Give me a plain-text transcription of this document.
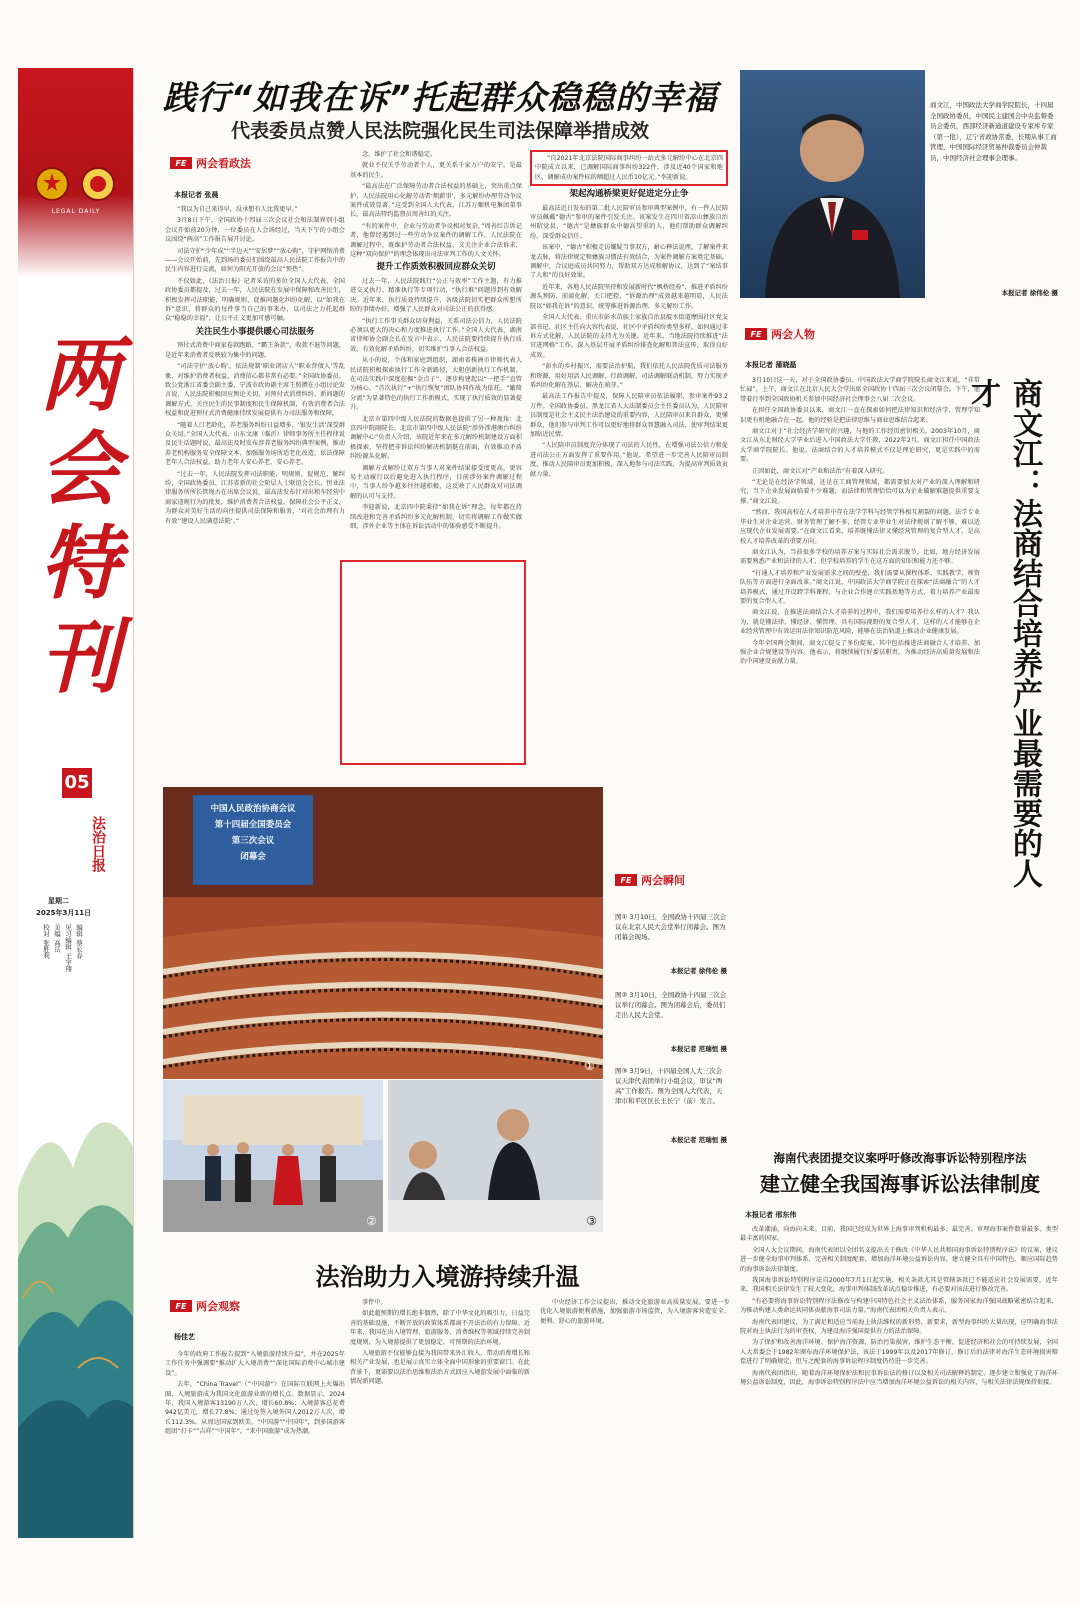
LEGAL DAILY
两
会
特
刊
05
法治日报
星期二
2025年3月11日
编辑 蔡长春
见习编辑 王宇翔
美编 高岳
校对 张胜利
践行“如我在诉”托起群众稳稳的幸福
代表委员点赞人民法院强化民生司法保障举措成效
FE 两会看政法
本报记者 张晨

“我以为自己来得早，没承想有人比我更早。”

3月8日下午，全国政协十四届三次会议社会和法制界别小组会议开始前20分钟，一位委员在人会场经过，当天下午的小组会议围绕“两高”工作报告展开讨论。

司法守护“少年成”“半边天”“安居梦”“放心购”，守护网络消费——会议开始前，先到场的委员们围绕最高人民法院工作报告中的民生内容进行交流，如何为阳光开放的会议“预热”。

不仅如此，《法治日报》记者采访的多位全国人大代表、全国政协委员都提及，过去一年，人民法院在发展中保障和改善民生，积极发挥司法职能，明确规则、促推问题化纠纷化解，以“如我在诉”意识，将群众的每件事当自己的事来办，以司法之力托起群众“稳稳的幸福”，让公平正义更加可感可触。

关注民生小事提供暖心司法服务

预付式消费中商家卷款跑路、“霸王条款”，收款不退等问题，是近年来消费者反映较为集中的问题。

“司法守护‘放心购’，依法规制‘职业闭店人’‘职业背债人’等乱象，对维护消费者权益，消费信心都非常有必要。”全国政协委员、致公党浙江省委会副主委、宁波市政协副主席王照撰在小组讨论发言说，人民法院积极回应舆论关切，对预付式消费纠纷、新问题的调解方式，关注民生的民事制度和民生保障机制，有效消费者合法权益和促进预付式消费健康持续发展提供有力司法服务和保障。

“随着人口老龄化，养老服务纠纷日益增多，‘银发生活’深受群众关切。”全国人大代表、山东文康（临沂）律师事务所主任程律说及民生话题时说，最高法及时发布涉养老服务纠纷典型案例，推动养老机构服务安全保障文本，加强服务场所适老化改造，依法保障老年人合法权益，助力老年人安心养老、安心养老。

“过去一年，人民法院发挥司法职能，明规则、促规范、解纠纷，全国政协委员、江苏省新的社会阶层人士联谊会会长，恒业法律服务所所长管绳古在出席会议说，最高法发布针对出租车经营中商家违规行为的批复，维护消费者合法权益，保障社会公平正义，为群众对美好生活的向往提供司法保障和服务，‘对社会治理有力有效’‘建设人民满意法院’。”

念，维护了社会和谐稳定。

就业不仅关乎劳动者个人，更关系千家万户的安宁，是最基本的民生。

“最高法在广泛保障劳动者合法权益的基础上，突出重点保护，人民法院用心化解劳动者‘烦薪事’，多元解纷办理劳动争议案件成效显著。”这受到全国人大代表，江苏万顺机电集团董事长，最高法特约监督员周善红的关注。

“有的案件中，企业与劳动者争议相对复杂，”周善红告诉记者，他曾经遇到过一些劳动争议案件的调解工作，人民法院在调解过程中，既维护劳动者合法权益，又关注企业合法诉求，这种“双向保护”的理念体现出司法审判工作的人文关怀。

提升工作质效积极回应群众关切

过去一年，人民法院践行“公正与效率”工作主题，有力推进交叉执行、精准执行等专项行动，“执行难”问题得到有效解决。近年来，执行质效持续提升，各级法院切实把群众所想所盼的事情办好，增强了人民群众对司法公正的获得感。

“执行工作事关群众切身利益，关系司法公信力，人民法院必须以更大的决心和力度推进执行工作。”全国人大代表、湖南省律师协会副会长在发言中表示，人民法院要持续提升执行质效，有效化解矛盾纠纷，切实维护当事人合法权益。

从小的说，个体和家庭到组织，湖南省株洲市律师代表人民法院积极探索执行工作全新路径，大胆创新执行工作机制，在司法实践中深度挖掘“金点子”，逐步构建起以“一把手”直管为核心，“首次执行”+“执行恢复”团队协同作战为依托，“繁简分流”为显著特色的执行工作新模式，实现了执行质效的显著提升。

北京市第四中级人民法院的数据也提供了另一种视角：北京四中院副院长、北京市第四中级人民法院“涉外涉港澳台纠纷调解中心”负责人介绍，该院近年来在多元解纷机制建设方面积极探索，坚持把非诉讼纠纷解决机制挺在前面，有效推动矛盾纠纷源头化解。

调解方式解纷让双方当事人对案件结果接受度更高，更容易主动履行以后避免进入执行程序，目前涉外案件调解过程中，当事人纷争越多往往越积极，这反映了人民群众对司法调解的认可与支持。

李迎新说，北京四中院秉持“如我在诉”理念，每年都在持续改进和完善矛盾纠纷多元化解机制，切实将调解工作做实做细，涉外企业等主体在诉讼活动中的体验感受不断提升。

“自2021年北京法院国际商事纠纷一站式多元解纷中心在北京四中院成立以来，已调解国际商事纠纷322件，涉及近40个国家和地区，调解成功案件标的额超过人民币10亿元。”李迎新说。

架起沟通桥梁更好促进定分止争

最高法近日发布的第二批人民陪审员参审典型案例中，有一件人民陪审员佩戴“德古”参审的案件引发关注。该案发生在四川省凉山彝族自治州昭觉县，“德古”是彝族群众中德高望重的人，他们帮助群众调解纠纷，深受群众信任。

该案中，“德古”积极走访嫌疑当事双方，耐心释法说理，了解案件来龙去脉，将法律规定和彝族习惯法有效结合，为案件调解方案奠定基础。调解中，合议庭成员共同努力，帮助双方达成和解协议，达到了“案结事了人和”的良好效果。

近年来，各地人民法院坚持和发展新时代“枫桥经验”，推进矛盾纠纷源头预防、前端化解、关口把控，“诉源治理”成效越来越明显，人民法院以“如我在诉”的意识，统筹推进诉源治理、多元解纷工作。

全国人大代表、重庆市彭水苗族土家族自治县靛水街道摩围社区党支部书记、社区主任向大容代表说，社区中矛盾纠纷类型多样，如何通过非诉方式化解，人民法院的支持尤为关键。近年来，当地法院持续推进“法官进网格”工作，深入基层开展矛盾纠纷排查化解和普法宣传，取得良好成效。

“彭水的乡村振兴，需要法治护航，我们依托人民法院优质司法服务和资源，用好用活人民调解、行政调解、司法调解联动机制，努力实现矛盾纠纷化解在基层、解决在萌芽。”

最高法工作报告中提及，保障人民陪审员依法履职，参审案件93.2万件。全国政协委员、黑龙江省人大法制委员会主任委员认为，人民陪审员制度是社会主义民主法治建设的重要内容，人民陪审员来自群众，更懂群众，他们参与审判工作可以更好地将群众智慧融入司法，使审判结果更加贴近民情。

“人民陪审员制度充分体现了司法的人民性，在增强司法公信力和促进司法公正方面发挥了重要作用。”他说，希望进一步完善人民陪审员制度，推动人民陪审员更加积极、深入地参与司法实践，为提高审判质效贡献力量。

商文江，中国政法大学商学院院长，十四届全国政协委员，中国民主建国会中央监督委员会委员，西部经济新通道建设专家库专家（第一批），辽宁省政协常委，长期从事工商管理，中国国际经济贸易仲裁委员会仲裁员，中国经济社会理事会理事。
本报记者 徐伟伦 摄
FE 两会人物
本报记者 蒲晓磊

3月10日这一天，对于全国政协委员、中国政法大学商学院院长商文江来说，“非常忙碌”。上午，商文江在北京人民大会堂出席全国政协十四届三次会议闭幕会，下午，他带着行李到全国政协机关参加中国经济社会理事会八届二次会议。

在担任全国政协委员以来，商文江一直在探索如何把法律知识和经济学、管理学知识更有机地融合在一起，他的经验是把法律思维与商业思维结合起来。

商文江对于“社会经济学研究的兴趣，与他的工作经历密切相关。2003年10月，商文江从东北财经大学毕业后进入中国政法大学任教，2022年2月，商文江担任中国政法大学商学院院长。他说，法商结合的人才培养模式不仅是理论研究，更是实践中的需要。

正因如此，商文江对“产业和法治”有着深入研究。

“无论是在经济学领域，还是在工商管理领域，都需要加大对产业的深入理解和研究，当下企业发展面临着不少难题，而法律和管理恰恰可以为企业破解难题提供重要支撑。”商文江说。

“然而，我国高校在人才培养中存在法学学科与经管学科相互割裂的问题，法学专业毕业生对企业运营、财务管理了解不多，经管专业毕业生对法律规则了解不够，难以适应现代企业发展需要。”在商文江看来，培养既懂法律又懂经营管理的复合型人才，是高校人才培养改革的重要方向。

商文江认为，当前很多学校的培养方案与实际社会需求脱节，比如，地方经济发展需要熟悉产业和法律的人才，但学校培养的学生在这方面的知识和能力还不够。

“打通人才培养和产业发展需求之间的壁垒，我们需要从课程体系、实践教学、师资队伍等方面进行全面改革。”商文江说，中国政法大学商学院正在探索“法商融合”的人才培养模式，通过开设跨学科课程、与企业合作建立实践基地等方式，着力培养产业最需要的复合型人才。

商文江说，在推进法商结合人才培养的过程中，我们需要培养什么样的人才？我认为，就是懂法律、懂经济、懂管理、具有国际视野的复合型人才。这样的人才能够在企业经营管理中有效运用法律知识防范风险，能够在法治轨道上推动企业健康发展。

今年全国两会期间，商文江提交了多份提案，其中包括推进法商融合人才培养、加强企业合规建设等内容。他表示，将继续履行好委员职责，为推动经济高质量发展和法治中国建设贡献力量。	商文江：法商结合培养产业最需要的人才
海南代表团提交议案呼吁修改海事诉讼特别程序法
建立健全我国海事诉讼法律制度
本报记者 邢东伟

改革潮涌，向海向未来。目前，我国已经成为世界上海事审判机构最多、最完善、审理海事案件数量最多、类型最丰富的国家。

全国人大会议期间，海南代表团以全团名义提出关于修改《中华人民共和国海事诉讼特别程序法》的议案，建议进一步健全海事审判体系，完善相关制度配套，增加海洋环境公益诉讼内容，建立健全具有中国特色、顺应国际趋势的海事诉讼法律制度。

我国海事诉讼特别程序法自2000年7月1日起实施，相关条款尤其是管辖条款已不能适应社会发展需要，近年来，我国相关法律发生了较大变化，海事审判体制改革试点稳步推进，有必要对该法进行修改完善。

“有必要将海事诉讼特别程序法修改与构建中国特色社会主义法治体系，服务国家海洋强国战略紧密结合起来，为推动构建人类命运共同体贡献海事司法力量。”海南代表团相关负责人表示。

海南代表团建议，为了满足和适应当前海上执法维权的新形势、新要求，新型海事纠纷大量出现，应明确海事法院对海上执法行为的审查权，为建设海洋强国提供有力的法治保障。

为了保护和改善海洋环境、保护海洋资源，防治污染损害，维护生态平衡，促进经济和社会的可持续发展，全国人大常委会于1982年颁布海洋环境保护法，该法于1999年以及2017年修订，修订后的法律对海洋生态环境损害赔偿进行了明确规定，但与之配套的海事诉讼程序制度仍待进一步完善。

海南代表团指出，随着海洋环境保护法和民事诉讼法的修订以及相关司法解释的制定，逐步建立和强化了海洋环境公益诉讼制度，因此，海事诉讼特别程序法中应当增加海洋环境公益诉讼的相关内容，与相关法律法规保持衔接。

中国人民政治协商会议
第十四届全国委员会
第三次会议
闭幕会
①
②	③
FE 两会瞬间
图① 3月10日，全国政协十四届三次会议在北京人民大会堂举行闭幕会。图为闭幕会现场。
本报记者 徐伟伦 摄
图② 3月10日，全国政协十四届三次会议举行闭幕会。图为闭幕会后，委员们走出人民大会堂。
本报记者 范瑞恒 摄
图③ 3月9日，十四届全国人大三次会议天津代表团举行小组会议，审议“两高”工作报告。图为全国人大代表，天津市和平区区长王长宁（前）发言。
本报记者 范瑞恒 摄
法治助力入境游持续升温
FE 两会观察
杨佳艺

今年的政府工作报告提到“入境旅游持续升温”，并在2025年工作任务中强调要“推动扩大入境消费”“深化国际消费中心城市建设”。

去年，“China Travel”（“中国游”）在国际互联网上火爆出圈，入境旅游成为我国文化旅游业新的增长点。数据显示，2024年，我国入境游客13190万人次，增长60.8%；入境游客总花费942亿美元，增长77.8%；通过免签入境外国人2012万人次，增长112.3%。从周边国家到欧美，“中国游”“中国年”，到多国游客组团“打卡”“吉祥”“中国年”，“来中国旅游”成为热潮。

事件中。

如此超预期的增长绝非偶然，除了中华文化的吸引力，日益完善的基础设施、不断开放的政策体系都离不开法治的有力保障。近年来，我国在出入境管理、旅游服务、消费维权等领域持续完善制度规则，为入境游提供了更加稳定、可预期的法治环境。

入境旅游不仅能够直接为我国带来外汇收入，带动消费增长和相关产业发展，也是展示真实立体全面中国形象的重要窗口。在此背景下，更需要以法治思维和法治方式回应入境游发展中面临的新情况新问题。

中央经济工作会议提出，推动文化旅游业高质量发展。要进一步优化入境旅游便利措施，加强旅游市场监管，为入境游客营造安全、便利、舒心的旅游环境。
